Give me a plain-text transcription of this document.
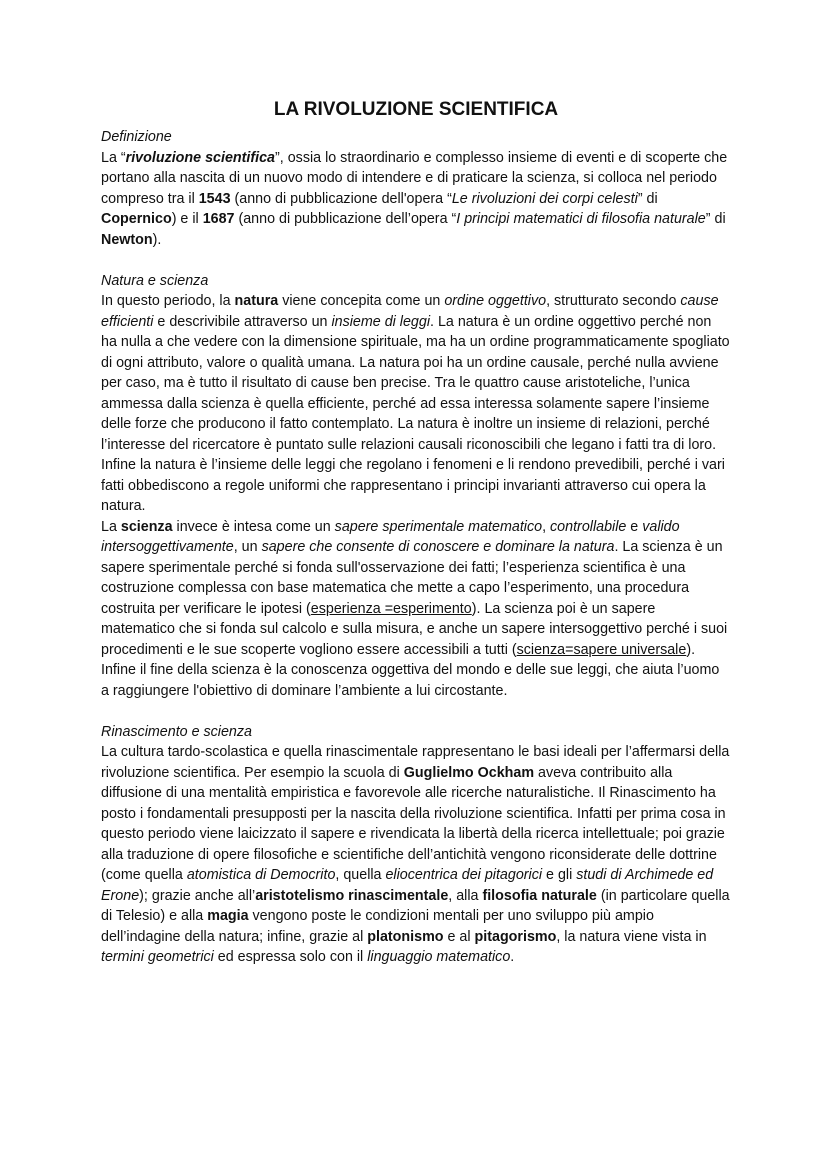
LA RIVOLUZIONE SCIENTIFICA
Definizione

La “rivoluzione scientifica”, ossia lo straordinario e complesso insieme di eventi e di scoperte che portano alla nascita di un nuovo modo di intendere e di praticare la scienza, si colloca nel periodo compreso tra il 1543 (anno di pubblicazione dell'opera “Le rivoluzioni dei corpi celesti” di Copernico) e il 1687 (anno di pubblicazione dell’opera “I principi matematici di filosofia naturale” di Newton).

Natura e scienza

In questo periodo, la natura viene concepita come un ordine oggettivo, strutturato secondo cause efficienti e descrivibile attraverso un insieme di leggi. La natura è un ordine oggettivo perché non ha nulla a che vedere con la dimensione spirituale, ma ha un ordine programmaticamente spogliato di ogni attributo, valore o qualità umana. La natura poi ha un ordine causale, perché nulla avviene per caso, ma è tutto il risultato di cause ben precise. Tra le quattro cause aristoteliche, l’unica ammessa dalla scienza è quella efficiente, perché ad essa interessa solamente sapere l’insieme delle forze che producono il fatto contemplato. La natura è inoltre un insieme di relazioni, perché l’interesse del ricercatore è puntato sulle relazioni causali riconoscibili che legano i fatti tra di loro. Infine la natura è l’insieme delle leggi che regolano i fenomeni e li rendono prevedibili, perché i vari fatti obbediscono a regole uniformi che rappresentano i principi invarianti attraverso cui opera la natura.

La scienza invece è intesa come un sapere sperimentale matematico, controllabile e valido intersoggettivamente, un sapere che consente di conoscere e dominare la natura. La scienza è un sapere sperimentale perché si fonda sull'osservazione dei fatti; l’esperienza scientifica è una costruzione complessa con base matematica che mette a capo l’esperimento, una procedura costruita per verificare le ipotesi (esperienza =esperimento). La scienza poi è un sapere matematico che si fonda sul calcolo e sulla misura, e anche un sapere intersoggettivo perché i suoi procedimenti e le sue scoperte vogliono essere accessibili a tutti (scienza=sapere universale). Infine il fine della scienza è la conoscenza oggettiva del mondo e delle sue leggi, che aiuta l’uomo a raggiungere l'obiettivo di dominare l’ambiente a lui circostante.

Rinascimento e scienza

La cultura tardo-scolastica e quella rinascimentale rappresentano le basi ideali per l’affermarsi della rivoluzione scientifica. Per esempio la scuola di Guglielmo Ockham aveva contribuito alla diffusione di una mentalità empiristica e favorevole alle ricerche naturalistiche. Il Rinascimento ha posto i fondamentali presupposti per la nascita della rivoluzione scientifica. Infatti per prima cosa in questo periodo viene laicizzato il sapere e rivendicata la libertà della ricerca intellettuale; poi grazie alla traduzione di opere filosofiche e scientifiche dell’antichità vengono riconsiderate delle dottrine (come quella atomistica di Democrito, quella eliocentrica dei pitagorici e gli studi di Archimede ed Erone); grazie anche all’aristotelismo rinascimentale, alla filosofia naturale (in particolare quella di Telesio) e alla magia vengono poste le condizioni mentali per uno sviluppo più ampio dell’indagine della natura; infine, grazie al platonismo e al pitagorismo, la natura viene vista in termini geometrici ed espressa solo con il linguaggio matematico.
